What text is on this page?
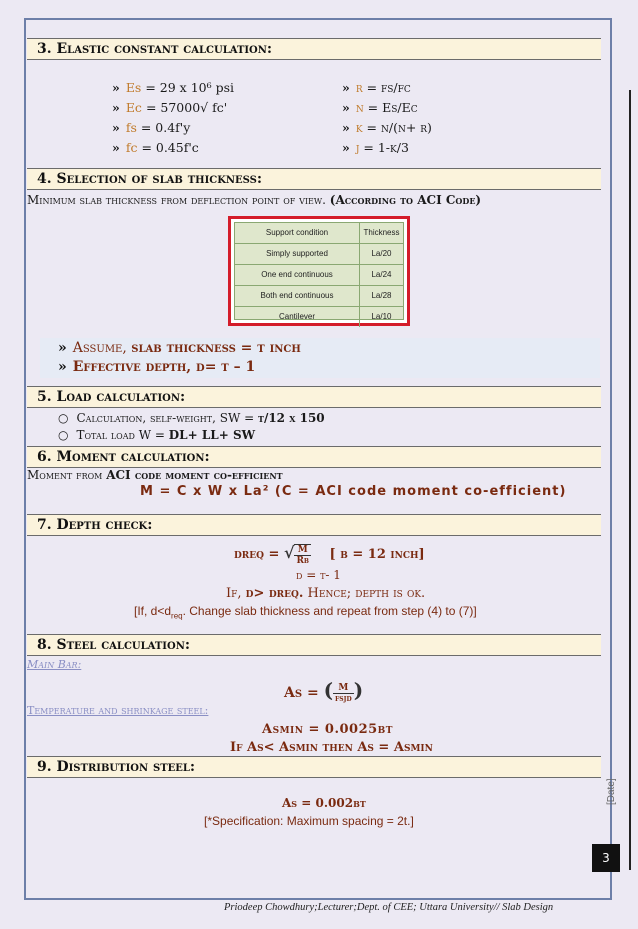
3. Elastic constant calculation:
» Es = 29 x 10⁶ psi
» Ec = 57000√ fc'
» fs = 0.4f'y
» fc = 0.45f'c
» r = fs/fc
» n = Es/Ec
» k = n/(n+ r)
» j = 1-k/3
4. Selection of slab thickness:
Minimum slab thickness from deflection point of view. (According to ACI Code)
Support condition	Thickness
Simply supported	La/20
One end continuous	La/24
Both end continuous	La/28
Cantilever	La/10
» Assume, slab thickness = t inch
» Effective depth, d= t – 1
5. Load calculation:
○ Calculation, self-weight, SW = t/12 x 150
○ Total load W = DL+ LL+ SW
6. Moment calculation:
Moment from ACI code moment co-efficient
M = C x W x La² (C = ACI code moment co-efficient)
7. Depth check:
dreq = √ $\frac{M}{Rb}$ [ b = 12 inch]
d = t- 1
If, d> dreq. Hence; depth is ok.
[If, $d<d_{req}$. Change slab thickness and repeat from step (4) to (7)]
8. Steel calculation:
Main Bar:
As = ( $\frac{M}{\text{fsjd}}$ )
Temperature and shrinkage steel:
Asmin = 0.0025bt
If As< Asmin then As = Asmin
9. Distribution steel:
As = 0.002bt
[*Specification: Maximum spacing = 2t.]
[Date]
3
Priodeep Chowdhury;Lecturer;Dept. of CEE; Uttara University// Slab Design
